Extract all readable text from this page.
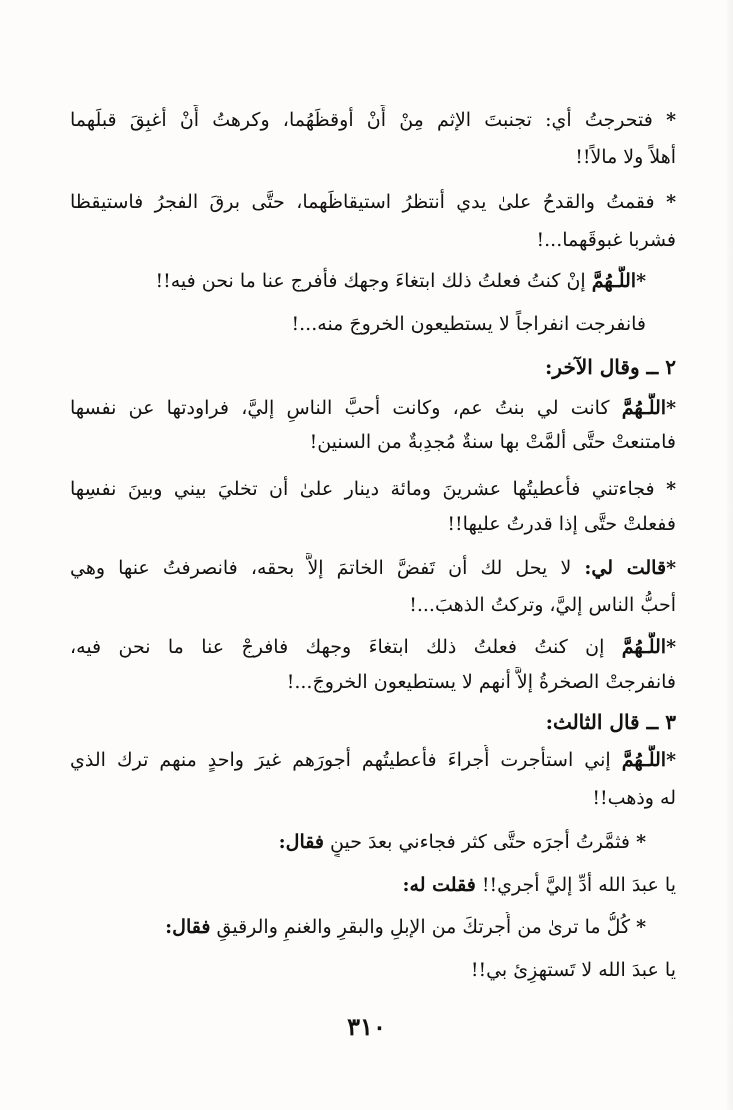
* فتحرجتُ أي: تجنبتَ الإثم مِنْ أَنْ أوقظَهُما، وكرهتُ أَنْ أغبِقَ قبلَهما
أهلاً ولا مالاً!!
* فقمتُ والقدحُ علىٰ يدي أنتظرُ استيقاظَهما، حتَّى برقَ الفجرُ فاستيقظا
فشربا غبوقَهما...!
*اللَّـهُمَّ إنْ كنتُ فعلتُ ذلك ابتغاءَ وجهك فأفرج عنا ما نحن فيه!!
فانفرجت انفراجاً لا يستطيعون الخروجَ منه...!
٢ ــ وقال الآخر:
*اللَّـهُمَّ كانت لي بنتُ عم، وكانت أحبَّ الناسِ إليَّ، فراودتها عن نفسها
فامتنعتْ حتَّى ألمَّتْ بها سنةٌ مُجدِبةٌ من السنين!
* فجاءتني فأعطيتُها عشرينَ ومائة دينار علىٰ أن تخليَ بيني وبينَ نفسِها
ففعلتْ حتَّى إذا قدرتُ عليها!!
*قالت لي: لا يحل لك أن تَفضَّ الخاتمَ إلاَّ بحقه، فانصرفتُ عنها وهي
أحبُّ الناس إليَّ، وتركتُ الذهبَ...!
*اللَّـهُمَّ إن كنتُ فعلتُ ذلك ابتغاءَ وجهك فافرجْ عنا ما نحن فيه،
فانفرجتْ الصخرةُ إلاَّ أنهم لا يستطيعون الخروجَ...!
٣ ــ قال الثالث:
*اللَّـهُمَّ إني استأجرت أُجراءَ فأعطيتُهم أجورَهم غيرَ واحدٍ منهم ترك الذي
له وذهب!!
* فثمَّرتُ أجرَه حتَّى كثر فجاءني بعدَ حينٍ فقال:
يا عبدَ الله أدِّ إليَّ أجري!! فقلت له:
* كُلُّ ما ترىٰ من أُجرتكَ من الإبلِ والبقرِ والغنمِ والرقيقِ فقال:
يا عبدَ الله لا تَستهزِئ بي!!
٣١٠
